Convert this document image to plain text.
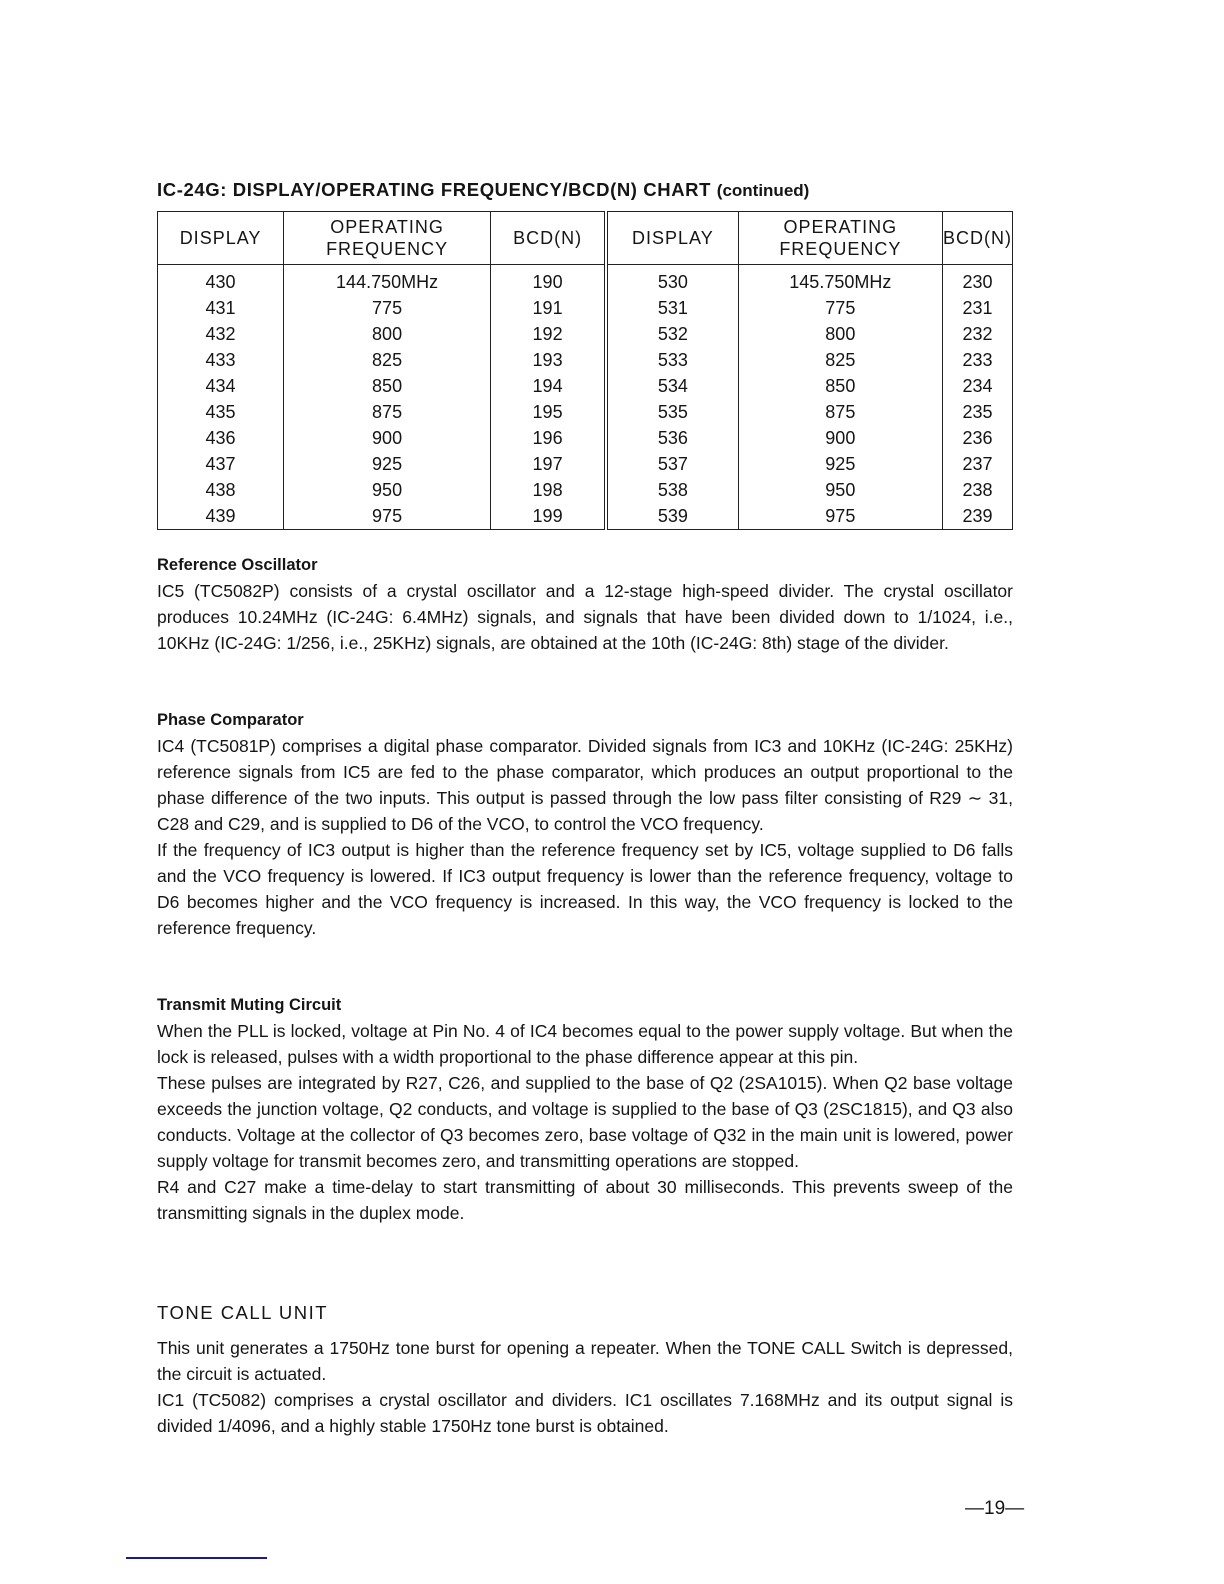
IC-24G: DISPLAY/OPERATING FREQUENCY/BCD(N) CHART (continued)
DISPLAY	OPERATING FREQUENCY	BCD(N)	DISPLAY	OPERATING FREQUENCY	BCD(N)
430	144.750MHz	190	530	145.750MHz	230
431	775	191	531	775	231
432	800	192	532	800	232
433	825	193	533	825	233
434	850	194	534	850	234
435	875	195	535	875	235
436	900	196	536	900	236
437	925	197	537	925	237
438	950	198	538	950	238
439	975	199	539	975	239

Reference Oscillator

IC5 (TC5082P) consists of a crystal oscillator and a 12-stage high-speed divider. The crystal oscillator produces 10.24MHz (IC-24G: 6.4MHz) signals, and signals that have been divided down to 1/1024, i.e., 10KHz (IC-24G: 1/256, i.e., 25KHz) signals, are obtained at the 10th (IC-24G: 8th) stage of the divider.

Phase Comparator

IC4 (TC5081P) comprises a digital phase comparator. Divided signals from IC3 and 10KHz (IC-24G: 25KHz) reference signals from IC5 are fed to the phase comparator, which produces an output proportional to the phase difference of the two inputs. This output is passed through the low pass filter consisting of R29 ∼ 31, C28 and C29, and is supplied to D6 of the VCO, to control the VCO frequency.

If the frequency of IC3 output is higher than the reference frequency set by IC5, voltage supplied to D6 falls and the VCO frequency is lowered. If IC3 output frequency is lower than the reference frequency, voltage to D6 becomes higher and the VCO frequency is increased. In this way, the VCO frequency is locked to the reference frequency.

Transmit Muting Circuit

When the PLL is locked, voltage at Pin No. 4 of IC4 becomes equal to the power supply voltage. But when the lock is released, pulses with a width proportional to the phase difference appear at this pin.

These pulses are integrated by R27, C26, and supplied to the base of Q2 (2SA1015). When Q2 base voltage exceeds the junction voltage, Q2 conducts, and voltage is supplied to the base of Q3 (2SC1815), and Q3 also conducts. Voltage at the collector of Q3 becomes zero, base voltage of Q32 in the main unit is lowered, power supply voltage for transmit becomes zero, and transmitting operations are stopped.

R4 and C27 make a time-delay to start transmitting of about 30 milliseconds. This prevents sweep of the transmitting signals in the duplex mode.

TONE CALL UNIT

This unit generates a 1750Hz tone burst for opening a repeater. When the TONE CALL Switch is depressed, the circuit is actuated.

IC1 (TC5082) comprises a crystal oscillator and dividers. IC1 oscillates 7.168MHz and its output signal is divided 1/4096, and a highly stable 1750Hz tone burst is obtained.

—19—
